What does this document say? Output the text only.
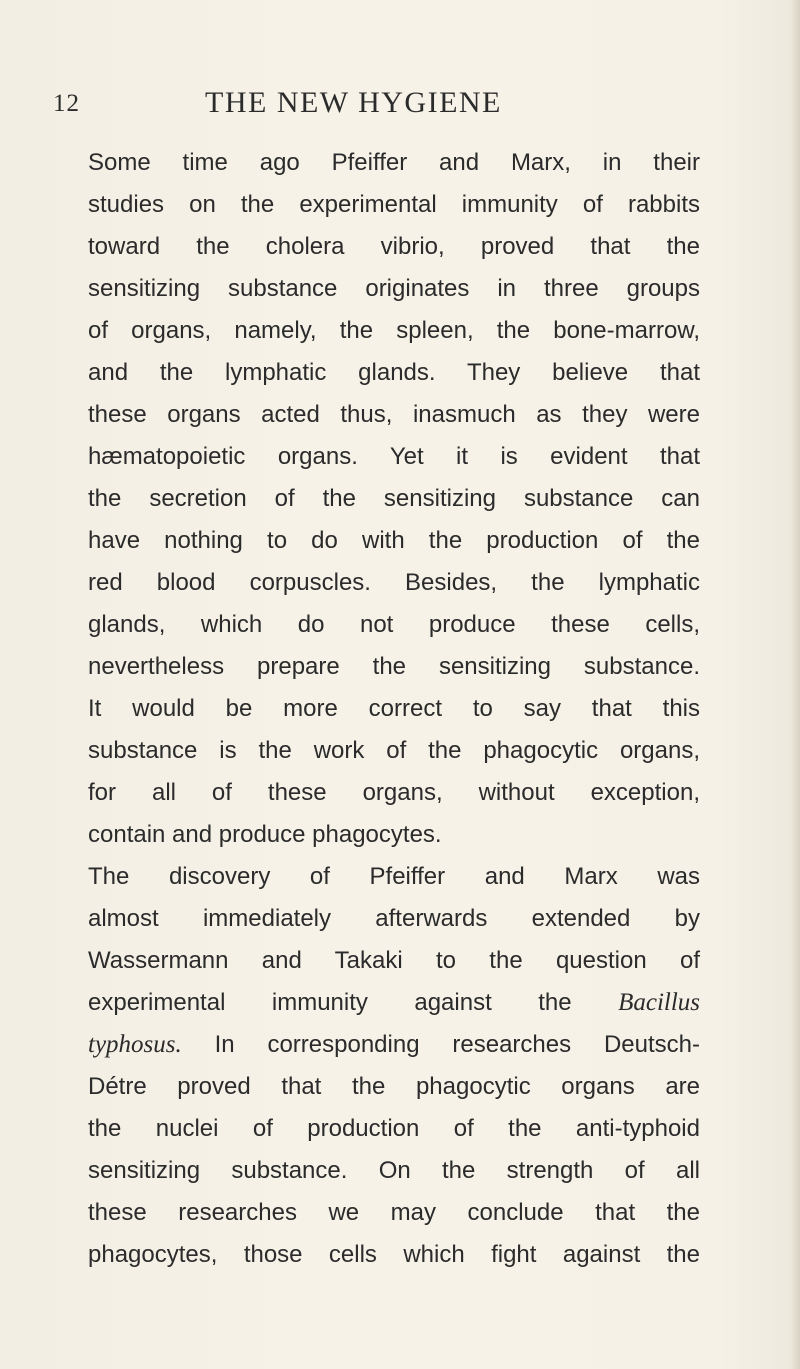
12	THE NEW HYGIENE
Some time ago Pfeiffer and Marx, in their
studies on the experimental immunity of rabbits
toward the cholera vibrio, proved that the
sensitizing substance originates in three groups
of organs, namely, the spleen, the bone-marrow,
and the lymphatic glands. They believe that
these organs acted thus, inasmuch as they were
hæmatopoietic organs. Yet it is evident that
the secretion of the sensitizing substance can
have nothing to do with the production of the
red blood corpuscles. Besides, the lymphatic
glands, which do not produce these cells,
nevertheless prepare the sensitizing substance.
It would be more correct to say that this
substance is the work of the phagocytic organs,
for all of these organs, without exception,
contain and produce phagocytes.
The discovery of Pfeiffer and Marx was
almost immediately afterwards extended by
Wassermann and Takaki to the question of
experimental immunity against the Bacillus
typhosus. In corresponding researches Deutsch-
Détre proved that the phagocytic organs are
the nuclei of production of the anti-typhoid
sensitizing substance. On the strength of all
these researches we may conclude that the
phagocytes, those cells which fight against the
